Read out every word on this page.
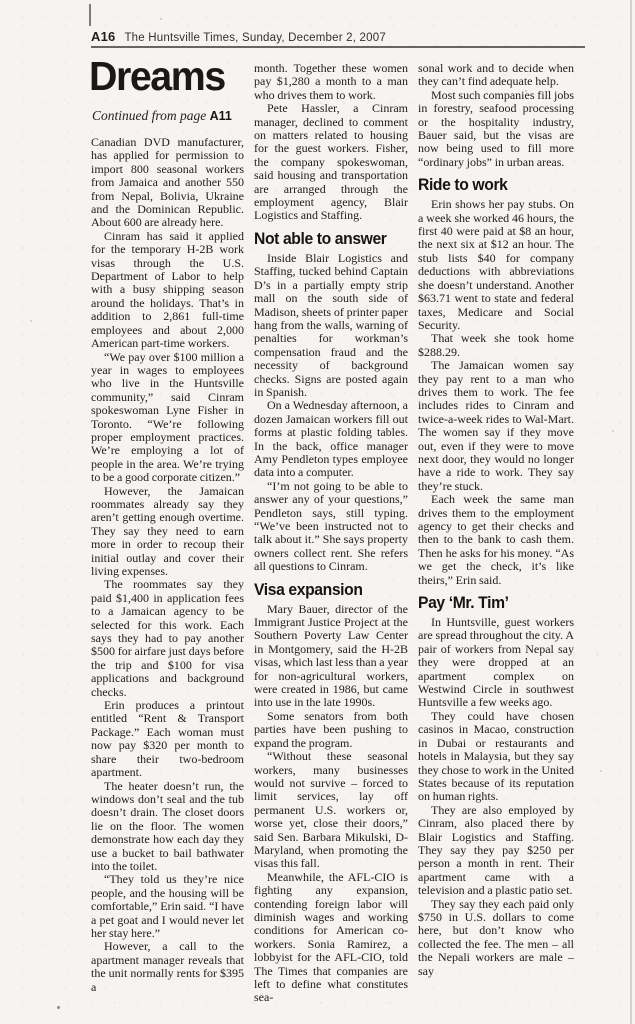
A16 The Huntsville Times, Sunday, December 2, 2007
Dreams
Continued from page A11

Canadian DVD manufacturer, has applied for permission to import 800 seasonal workers from Jamaica and another 550 from Nepal, Bolivia, Ukraine and the Dominican Republic. About 600 are already here.

Cinram has said it applied for the temporary H-2B work visas through the U.S. Department of Labor to help with a busy shipping season around the holidays. That’s in addition to 2,861 full-time employees and about 2,000 American part-time workers.

“We pay over $100 million a year in wages to employees who live in the Huntsville community,” said Cinram spokeswoman Lyne Fisher in Toronto. “We’re following proper employment practices. We’re employing a lot of people in the area. We’re trying to be a good corporate citizen.”

However, the Jamaican roommates already say they aren’t getting enough overtime. They say they need to earn more in order to recoup their initial outlay and cover their living expenses.

The roommates say they paid $1,400 in application fees to a Jamaican agency to be selected for this work. Each says they had to pay another $500 for airfare just days before the trip and $100 for visa applications and background checks.

Erin produces a printout entitled “Rent & Transport Package.” Each woman must now pay $320 per month to share their two-bedroom apartment.

The heater doesn’t run, the windows don’t seal and the tub doesn’t drain. The closet doors lie on the floor. The women demonstrate how each day they use a bucket to bail bathwater into the toilet.

“They told us they’re nice people, and the housing will be comfortable,” Erin said. “I have a pet goat and I would never let her stay here.”

However, a call to the apartment manager reveals that the unit normally rents for $395 a

month. Together these women pay $1,280 a month to a man who drives them to work.

Pete Hassler, a Cinram manager, declined to comment on matters related to housing for the guest workers. Fisher, the company spokeswoman, said housing and transportation are arranged through the employment agency, Blair Logistics and Staffing.

Not able to answer

Inside Blair Logistics and Staffing, tucked behind Captain D’s in a partially empty strip mall on the south side of Madison, sheets of printer paper hang from the walls, warning of penalties for workman’s compensation fraud and the necessity of background checks. Signs are posted again in Spanish.

On a Wednesday afternoon, a dozen Jamaican workers fill out forms at plastic folding tables. In the back, office manager Amy Pendleton types employee data into a computer.

“I’m not going to be able to answer any of your questions,” Pendleton says, still typing. “We’ve been instructed not to talk about it.” She says property owners collect rent. She refers all questions to Cinram.

Visa expansion

Mary Bauer, director of the Immigrant Justice Project at the Southern Poverty Law Center in Montgomery, said the H-2B visas, which last less than a year for non-agricultural workers, were created in 1986, but came into use in the late 1990s.

Some senators from both parties have been pushing to expand the program.

“Without these seasonal workers, many businesses would not survive – forced to limit services, lay off permanent U.S. workers or, worse yet, close their doors,” said Sen. Barbara Mikulski, D-Maryland, when promoting the visas this fall.

Meanwhile, the AFL-CIO is fighting any expansion, contending foreign labor will diminish wages and working conditions for American co-workers. Sonia Ramirez, a lobbyist for the AFL-CIO, told The Times that companies are left to define what constitutes sea-

sonal work and to decide when they can’t find adequate help.

Most such companies fill jobs in forestry, seafood processing or the hospitality industry, Bauer said, but the visas are now being used to fill more “ordinary jobs” in urban areas.

Ride to work

Erin shows her pay stubs. On a week she worked 46 hours, the first 40 were paid at $8 an hour, the next six at $12 an hour. The stub lists $40 for company deductions with abbreviations she doesn’t understand. Another $63.71 went to state and federal taxes, Medicare and Social Security.

That week she took home $288.29.

The Jamaican women say they pay rent to a man who drives them to work. The fee includes rides to Cinram and twice-a-week rides to Wal-Mart. The women say if they move out, even if they were to move next door, they would no longer have a ride to work. They say they’re stuck.

Each week the same man drives them to the employment agency to get their checks and then to the bank to cash them. Then he asks for his money. “As we get the check, it’s like theirs,” Erin said.

Pay ‘Mr. Tim’

In Huntsville, guest workers are spread throughout the city. A pair of workers from Nepal say they were dropped at an apartment complex on Westwind Circle in southwest Huntsville a few weeks ago.

They could have chosen casinos in Macao, construction in Dubai or restaurants and hotels in Malaysia, but they say they chose to work in the United States because of its reputation on human rights.

They are also employed by Cinram, also placed there by Blair Logistics and Staffing. They say they pay $250 per person a month in rent. Their apartment came with a television and a plastic patio set.

They say they each paid only $750 in U.S. dollars to come here, but don’t know who collected the fee. The men – all the Nepali workers are male – say
